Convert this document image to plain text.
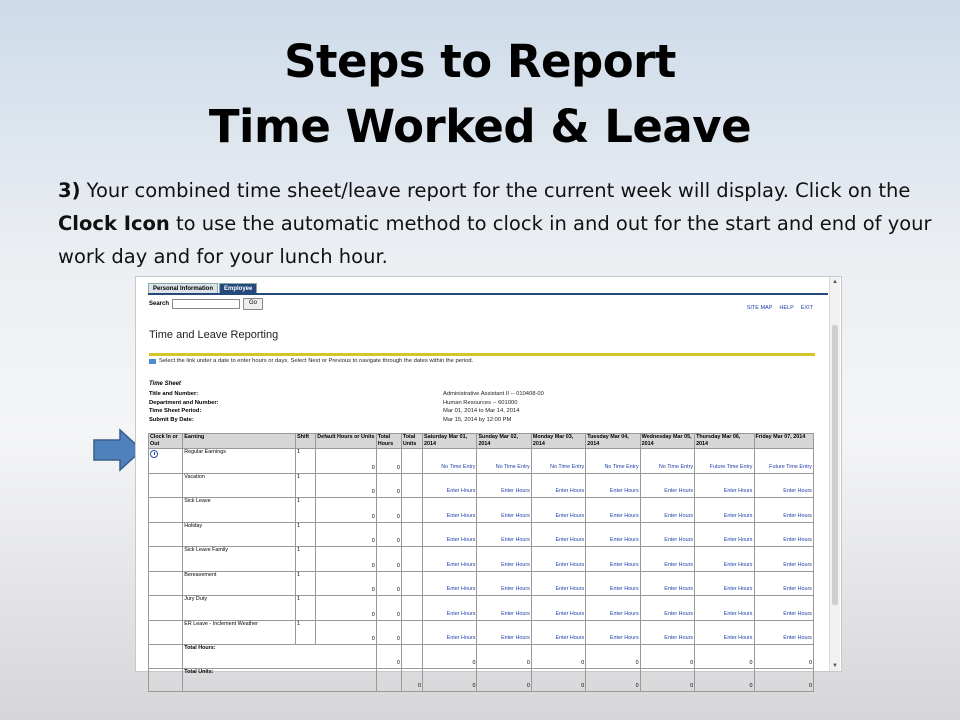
Steps to Report
Time Worked & Leave

3) Your combined time sheet/leave report for the current week will display. Click on the Clock Icon to use the automatic method to clock in and out for the start and end of your work day and for your lunch hour.

Personal Information	Employee
Search	Go
SITE MAP HELP EXIT
Time and Leave Reporting
Select the link under a date to enter hours or days. Select Next or Previous to navigate through the dates within the period.
Time Sheet
Title and Number:	Administrative Assistant II -- 010408-00
Department and Number:	Human Resources -- 601000
Time Sheet Period:	Mar 01, 2014 to Mar 14, 2014
Submit By Date:	Mar 15, 2014 by 12:00 PM
Clock In or Out	Earning	Shift	Default Hours or Units	Total Hours	Total Units	Saturday Mar 01, 2014	Sunday Mar 02, 2014	Monday Mar 03, 2014	Tuesday Mar 04, 2014	Wednesday Mar 05, 2014	Thursday Mar 06, 2014	Friday Mar 07, 2014
	Regular Earnings	1	0	0		No Time Entry	No Time Entry	No Time Entry	No Time Entry	No Time Entry	Future Time Entry	Future Time Entry
	Vacation	1	0	0		Enter Hours	Enter Hours	Enter Hours	Enter Hours	Enter Hours	Enter Hours	Enter Hours
	Sick Leave	1	0	0		Enter Hours	Enter Hours	Enter Hours	Enter Hours	Enter Hours	Enter Hours	Enter Hours
	Holiday	1	0	0		Enter Hours	Enter Hours	Enter Hours	Enter Hours	Enter Hours	Enter Hours	Enter Hours
	Sick Leave Family	1	0	0		Enter Hours	Enter Hours	Enter Hours	Enter Hours	Enter Hours	Enter Hours	Enter Hours
	Bereavement	1	0	0		Enter Hours	Enter Hours	Enter Hours	Enter Hours	Enter Hours	Enter Hours	Enter Hours
	Jury Duty	1	0	0		Enter Hours	Enter Hours	Enter Hours	Enter Hours	Enter Hours	Enter Hours	Enter Hours
	ER Leave - Inclement Weather	1	0	0		Enter Hours	Enter Hours	Enter Hours	Enter Hours	Enter Hours	Enter Hours	Enter Hours
	Total Hours:			0		0	0	0	0	0	0	0
	Total Units:				0	0	0	0	0	0	0	0
▲
▼
